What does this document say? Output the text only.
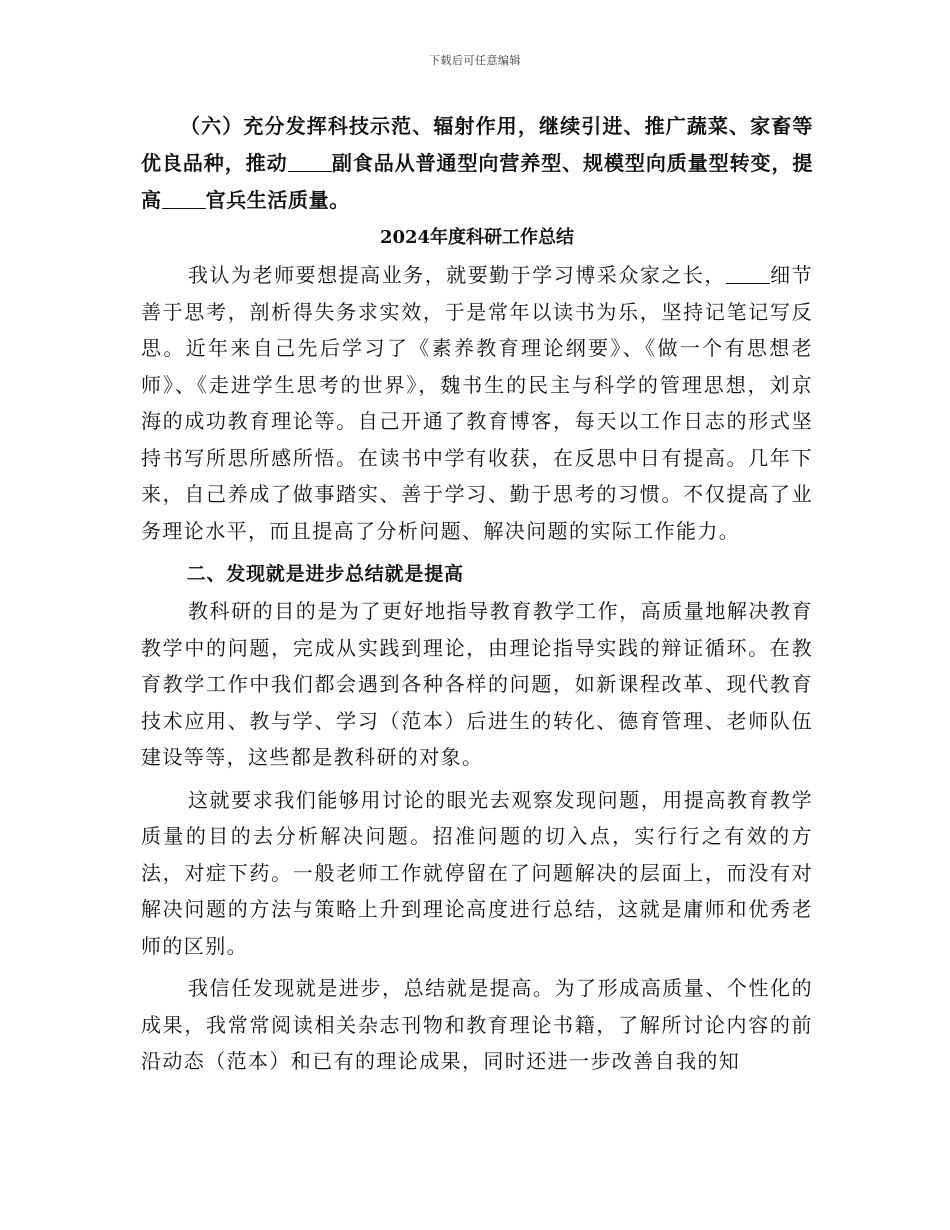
下载后可任意编辑

（六）充分发挥科技示范、辐射作用，继续引进、推广蔬菜、家畜等优良品种，推动 副食品从普通型向营养型、规模型向质量型转变，提高 官兵生活质量。

2024年度科研工作总结

我认为老师要想提高业务，就要勤于学习博采众家之长， 细节善于思考，剖析得失务求实效，于是常年以读书为乐，坚持记笔记写反思。近年来自己先后学习了《素养教育理论纲要》、《做一个有思想老师》、《走进学生思考的世界》，魏书生的民主与科学的管理思想，刘京海的成功教育理论等。自己开通了教育博客，每天以工作日志的形式坚持书写所思所感所悟。在读书中学有收获，在反思中日有提高。几年下来，自己养成了做事踏实、善于学习、勤于思考的习惯。不仅提高了业务理论水平，而且提高了分析问题、解决问题的实际工作能力。

二、发现就是进步总结就是提高

教科研的目的是为了更好地指导教育教学工作，高质量地解决教育教学中的问题，完成从实践到理论，由理论指导实践的辩证循环。在教育教学工作中我们都会遇到各种各样的问题，如新课程改革、现代教育技术应用、教与学、学习（范本）后进生的转化、德育管理、老师队伍建设等等，这些都是教科研的对象。

这就要求我们能够用讨论的眼光去观察发现问题，用提高教育教学质量的目的去分析解决问题。招准问题的切入点，实行行之有效的方法，对症下药。一般老师工作就停留在了问题解决的层面上，而没有对解决问题的方法与策略上升到理论高度进行总结，这就是庸师和优秀老师的区别。

我信任发现就是进步，总结就是提高。为了形成高质量、个性化的成果，我常常阅读相关杂志刊物和教育理论书籍，了解所讨论内容的前沿动态（范本）和已有的理论成果，同时还进一步改善自我的知
